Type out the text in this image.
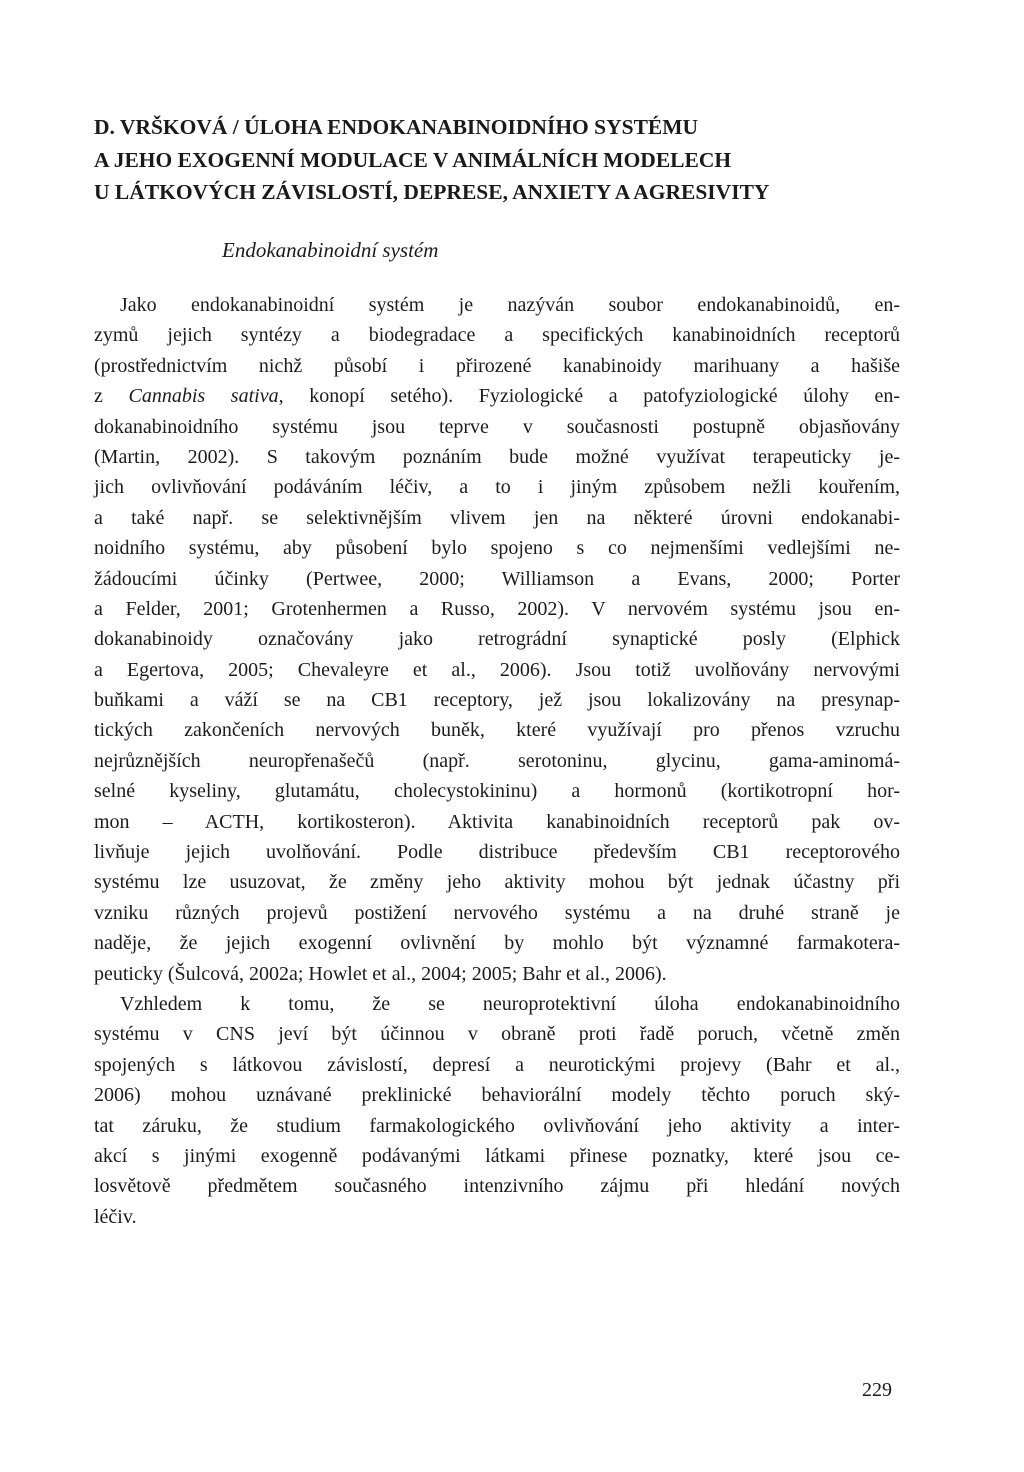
D. VRŠKOVÁ / ÚLOHA ENDOKANABINOIDNÍHO SYSTÉMU
A JEHO EXOGENNÍ MODULACE V ANIMÁLNÍCH MODELECH
U LÁTKOVÝCH ZÁVISLOSTÍ, DEPRESE, ANXIETY A AGRESIVITY
Endokanabinoidní systém
Jako endokanabinoidní systém je nazýván soubor endokanabinoidů, en-
zymů jejich syntézy a biodegradace a specifických kanabinoidních receptorů
(prostřednictvím nichž působí i přirozené kanabinoidy marihuany a hašiše
z Cannabis sativa, konopí setého). Fyziologické a patofyziologické úlohy en-
dokanabinoidního systému jsou teprve v současnosti postupně objasňovány
(Martin, 2002). S takovým poznáním bude možné využívat terapeuticky je-
jich ovlivňování podáváním léčiv, a to i jiným způsobem nežli kouřením,
a také např. se selektivnějším vlivem jen na některé úrovni endokanabi-
noidního systému, aby působení bylo spojeno s co nejmenšími vedlejšími ne-
žádoucími účinky (Pertwee, 2000; Williamson a Evans, 2000; Porter
a Felder, 2001; Grotenhermen a Russo, 2002). V nervovém systému jsou en-
dokanabinoidy označovány jako retrográdní synaptické posly (Elphick
a Egertova, 2005; Chevaleyre et al., 2006). Jsou totiž uvolňovány nervovými
buňkami a váží se na CB1 receptory, jež jsou lokalizovány na presynap-
tických zakončeních nervových buněk, které využívají pro přenos vzruchu
nejrůznějších neuropřenašečů (např. serotoninu, glycinu, gama-aminomá-
selné kyseliny, glutamátu, cholecystokininu) a hormonů (kortikotropní hor-
mon – ACTH, kortikosteron). Aktivita kanabinoidních receptorů pak ov-
livňuje jejich uvolňování. Podle distribuce především CB1 receptorového
systému lze usuzovat, že změny jeho aktivity mohou být jednak účastny při
vzniku různých projevů postižení nervového systému a na druhé straně je
naděje, že jejich exogenní ovlivnění by mohlo být významné farmakotera-
peuticky (Šulcová, 2002a; Howlet et al., 2004; 2005; Bahr et al., 2006).
Vzhledem k tomu, že se neuroprotektivní úloha endokanabinoidního
systému v CNS jeví být účinnou v obraně proti řadě poruch, včetně změn
spojených s látkovou závislostí, depresí a neurotickými projevy (Bahr et al.,
2006) mohou uznávané preklinické behaviorální modely těchto poruch ský-
tat záruku, že studium farmakologického ovlivňování jeho aktivity a inter-
akcí s jinými exogenně podávanými látkami přinese poznatky, které jsou ce-
losvětově předmětem současného intenzivního zájmu při hledání nových
léčiv.
229
